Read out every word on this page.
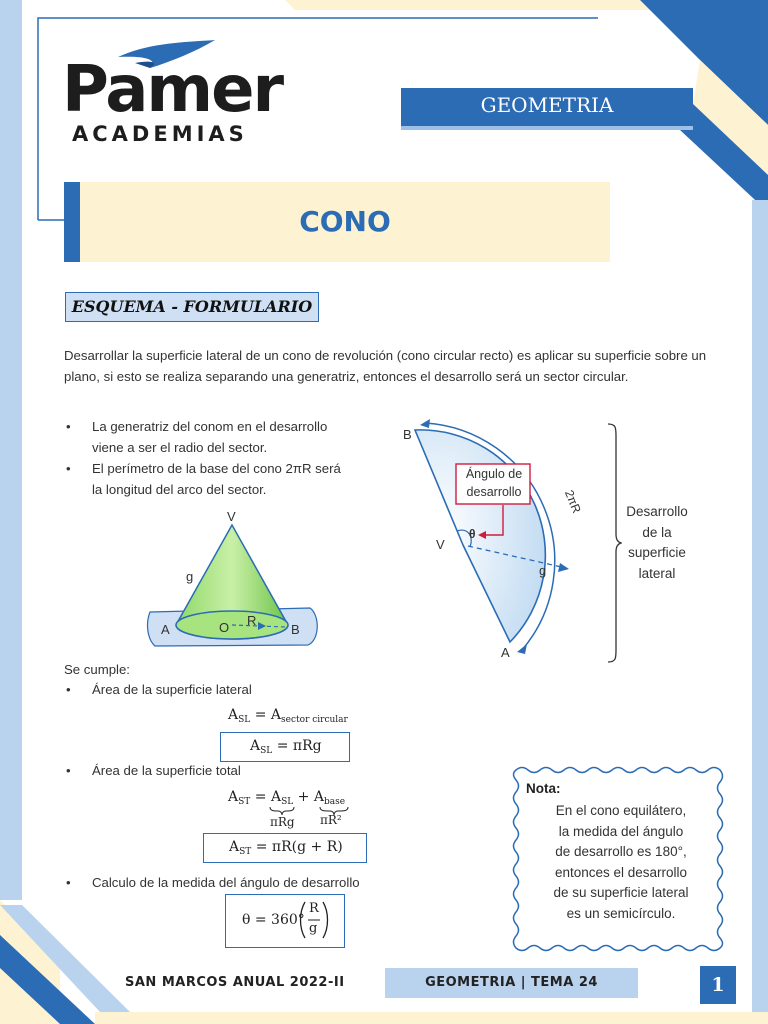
Pamer
ACADEMIAS
GEOMETRIA
CONO
ESQUEMA - FORMULARIO
Desarrollar la superficie lateral de un cono de revolución (cono circular recto) es aplicar su superficie sobre un plano, si esto se realiza separando una generatriz, entonces el desarrollo será un sector circular.
• La generatriz del conom en el desarrollo
viene a ser el radio del sector.
• El perímetro de la base del cono 2πR será
la longitud del arco del sector.
V
g
A	O R
B
B
V
A
g
θ
2πR
Ángulo de
desarrollo
Desarrollo
de la
superficie
lateral
Se cumple:
• Área de la superficie lateral
$A_{SL} = A_{sector circular}$
$A_{SL} = \pi Rg$
• Área de la superficie total
$A_{ST} = A_{SL} + A_{base}$
πRg πR²
$A_{ST} = \pi R(g + R)$
• Calculo de la medida del ángulo de desarrollo
θ = 360°
R
g
Nota:
En el cono equilátero,
la medida del ángulo
de desarrollo es 180°,
entonces el desarrollo
de su superficie lateral
es un semicírculo.
SAN MARCOS ANUAL 2022-II	GEOMETRIA | TEMA 24	1
